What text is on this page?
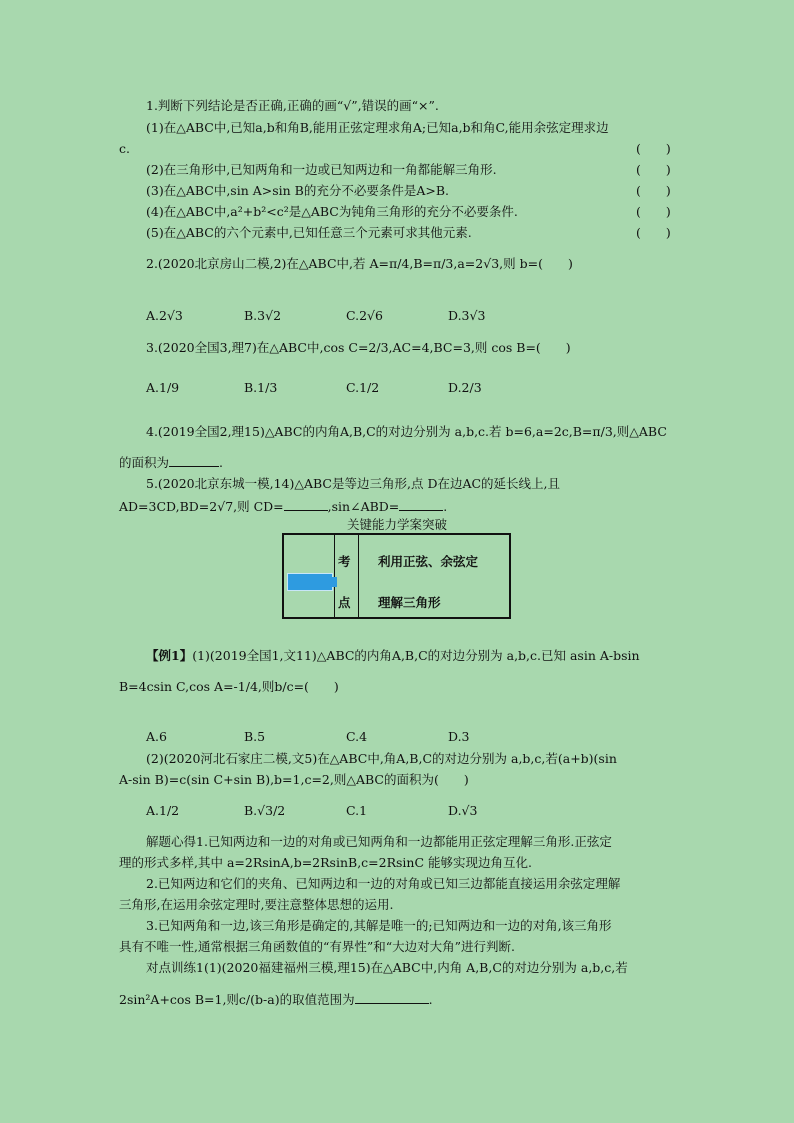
1.判断下列结论是否正确,正确的画“√”,错误的画“×”.
(1)在△ABC中,已知a,b和角B,能用正弦定理求角A;已知a,b和角C,能用余弦定理求边
c.	(　　)
(2)在三角形中,已知两角和一边或已知两边和一角都能解三角形.	(　　)
(3)在△ABC中,sin A>sin B的充分不必要条件是A>B.	(　　)
(4)在△ABC中,a²+b²<c²是△ABC为钝角三角形的充分不必要条件.	(　　)
(5)在△ABC的六个元素中,已知任意三个元素可求其他元素.	(　　)
2.(2020北京房山二模,2)在△ABC中,若 A=π/4,B=π/3,a=2√3,则 b=(　　)
A.2√3	B.3√2	C.2√6	D.3√3
3.(2020全国3,理7)在△ABC中,cos C=2/3,AC=4,BC=3,则 cos B=(　　)
A.1/9	B.1/3	C.1/2	D.2/3
4.(2019全国2,理15)△ABC的内角A,B,C的对边分别为 a,b,c.若 b=6,a=2c,B=π/3,则△ABC
的面积为	.
5.(2020北京东城一模,14)△ABC是等边三角形,点 D在边AC的延长线上,且
AD=3CD,BD=2√7,则 CD=	,sin∠ABD=	.
关键能力学案突破
考
点
利用正弦、余弦定
理解三角形
【例1】(1)(2019全国1,文11)△ABC的内角A,B,C的对边分别为 a,b,c.已知 asin A-bsin
B=4csin C,cos A=-1/4,则b/c=(　　)
A.6	B.5	C.4	D.3
(2)(2020河北石家庄二模,文5)在△ABC中,角A,B,C的对边分别为 a,b,c,若(a+b)(sin
A-sin B)=c(sin C+sin B),b=1,c=2,则△ABC的面积为(　　)
A.1/2	B.√3/2	C.1	D.√3
解题心得1.已知两边和一边的对角或已知两角和一边都能用正弦定理解三角形.正弦定
理的形式多样,其中 a=2RsinA,b=2RsinB,c=2RsinC 能够实现边角互化.
2.已知两边和它们的夹角、已知两边和一边的对角或已知三边都能直接运用余弦定理解
三角形,在运用余弦定理时,要注意整体思想的运用.
3.已知两角和一边,该三角形是确定的,其解是唯一的;已知两边和一边的对角,该三角形
具有不唯一性,通常根据三角函数值的“有界性”和“大边对大角”进行判断.
对点训练1(1)(2020福建福州三模,理15)在△ABC中,内角 A,B,C的对边分别为 a,b,c,若
2sin²A+cos B=1,则c/(b-a)的取值范围为	.
